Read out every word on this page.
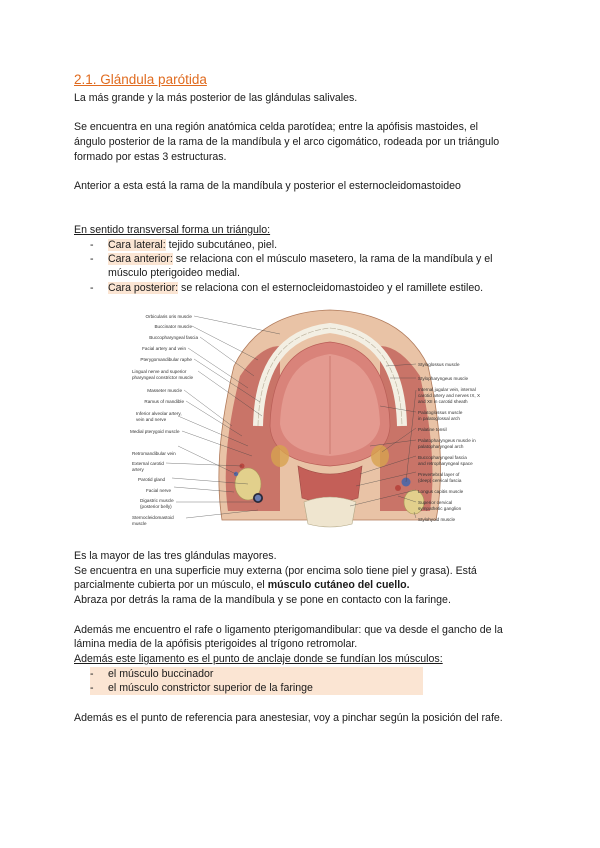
2.1. Glándula parótida
La más grande y la más posterior de las glándulas salivales.
Se encuentra en una región anatómica celda parotídea; entre la apófisis mastoides, el
ángulo posterior de la rama de la mandíbula y el arco cigomático, rodeada por un triángulo
formado por estas 3 estructuras.
Anterior a esta está la rama de la mandíbula y posterior el esternocleidomastoideo
En sentido transversal forma un triángulo:
- Cara lateral: tejido subcutáneo, piel.
- Cara anterior: se relaciona con el músculo masetero, la rama de la mandíbula y el
músculo pterigoideo medial.
- Cara posterior: se relaciona con el esternocleidomastoideo y el ramillete estileo.
Orbicularis oris muscle
Buccinator muscle
Buccopharyngeal fascia
Facial artery and vein
Pterygomandibular raphe
Lingual nerve and superior
pharyngeal constrictor muscle
Masseter muscle
Ramus of mandible
Inferior alveolar artery,
vein and nerve
Medial pterygoid muscle
Retromandibular vein
External carotid
artery
Parotid gland
Facial nerve
Digastric muscle
(posterior belly)
Sternocleidomastoid
muscle
Styloglossus muscle
Stylopharyngeus muscle
Internal jugular vein, internal
carotid artery and nerves IX, X
and XII in carotid sheath
Palatoglossus muscle
in palatoglossal arch
Palatine tonsil
Palatopharyngeus muscle in
palatopharyngeal arch
Buccopharyngeal fascia
and retropharyngeal space
Prevertebral layer of
(deep) cervical fascia
Longus capitis muscle
Superior cervical
sympathetic ganglion
Stylohyoid muscle
Es la mayor de las tres glándulas mayores.
Se encuentra en una superficie muy externa (por encima solo tiene piel y grasa). Está
parcialmente cubierta por un músculo, el músculo cutáneo del cuello.
Abraza por detrás la rama de la mandíbula y se pone en contacto con la faringe.
Además me encuentro el rafe o ligamento pterigomandibular: que va desde el gancho de la
lámina media de la apófisis pterigoides al trígono retromolar.
Además este ligamento es el punto de anclaje donde se fundían los músculos:
- el músculo buccinador
- el músculo constrictor superior de la faringe
Además es el punto de referencia para anestesiar, voy a pinchar según la posición del rafe.
